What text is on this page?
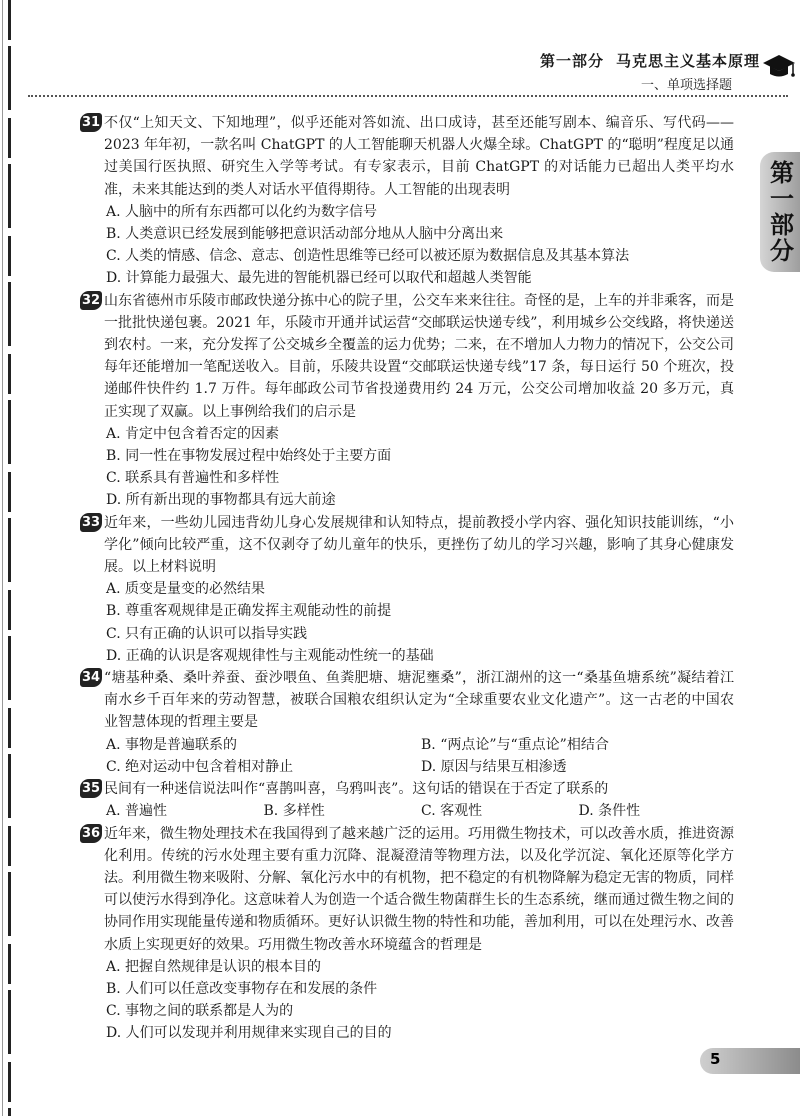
第一部分 马克思主义基本原理
一、单项选择题
第一部分
31 不仅“上知天文、下知地理”，似乎还能对答如流、出口成诗，甚至还能写剧本、编音乐、写代码——2023 年年初，一款名叫 ChatGPT 的人工智能聊天机器人火爆全球。ChatGPT 的“聪明”程度足以通过美国行医执照、研究生入学等考试。有专家表示，目前 ChatGPT 的对话能力已超出人类平均水准，未来其能达到的类人对话水平值得期待。人工智能的出现表明
A. 人脑中的所有东西都可以化约为数字信号
B. 人类意识已经发展到能够把意识活动部分地从人脑中分离出来
C. 人类的情感、信念、意志、创造性思维等已经可以被还原为数据信息及其基本算法
D. 计算能力最强大、最先进的智能机器已经可以取代和超越人类智能
32 山东省德州市乐陵市邮政快递分拣中心的院子里，公交车来来往往。奇怪的是，上车的并非乘客，而是一批批快递包裹。2021 年，乐陵市开通并试运营“交邮联运快递专线”，利用城乡公交线路，将快递送到农村。一来，充分发挥了公交城乡全覆盖的运力优势；二来，在不增加人力物力的情况下，公交公司每年还能增加一笔配送收入。目前，乐陵共设置“交邮联运快递专线”17 条，每日运行 50 个班次，投递邮件快件约 1.7 万件。每年邮政公司节省投递费用约 24 万元，公交公司增加收益 20 多万元，真正实现了双赢。以上事例给我们的启示是
A. 肯定中包含着否定的因素
B. 同一性在事物发展过程中始终处于主要方面
C. 联系具有普遍性和多样性
D. 所有新出现的事物都具有远大前途
33 近年来，一些幼儿园违背幼儿身心发展规律和认知特点，提前教授小学内容、强化知识技能训练，“小学化”倾向比较严重，这不仅剥夺了幼儿童年的快乐，更挫伤了幼儿的学习兴趣，影响了其身心健康发展。以上材料说明
A. 质变是量变的必然结果
B. 尊重客观规律是正确发挥主观能动性的前提
C. 只有正确的认识可以指导实践
D. 正确的认识是客观规律性与主观能动性统一的基础
34 “塘基种桑、桑叶养蚕、蚕沙喂鱼、鱼粪肥塘、塘泥壅桑”，浙江湖州的这一“桑基鱼塘系统”凝结着江南水乡千百年来的劳动智慧，被联合国粮农组织认定为“全球重要农业文化遗产”。这一古老的中国农业智慧体现的哲理主要是
A. 事物是普遍联系的	B. “两点论”与“重点论”相结合
C. 绝对运动中包含着相对静止	D. 原因与结果互相渗透
35 民间有一种迷信说法叫作“喜鹊叫喜，乌鸦叫丧”。这句话的错误在于否定了联系的
A. 普遍性	B. 多样性	C. 客观性	D. 条件性
36 近年来，微生物处理技术在我国得到了越来越广泛的运用。巧用微生物技术，可以改善水质，推进资源化利用。传统的污水处理主要有重力沉降、混凝澄清等物理方法，以及化学沉淀、氧化还原等化学方法。利用微生物来吸附、分解、氧化污水中的有机物，把不稳定的有机物降解为稳定无害的物质，同样可以使污水得到净化。这意味着人为创造一个适合微生物菌群生长的生态系统，继而通过微生物之间的协同作用实现能量传递和物质循环。更好认识微生物的特性和功能，善加利用，可以在处理污水、改善水质上实现更好的效果。巧用微生物改善水环境蕴含的哲理是
A. 把握自然规律是认识的根本目的
B. 人们可以任意改变事物存在和发展的条件
C. 事物之间的联系都是人为的
D. 人们可以发现并利用规律来实现自己的目的
5
